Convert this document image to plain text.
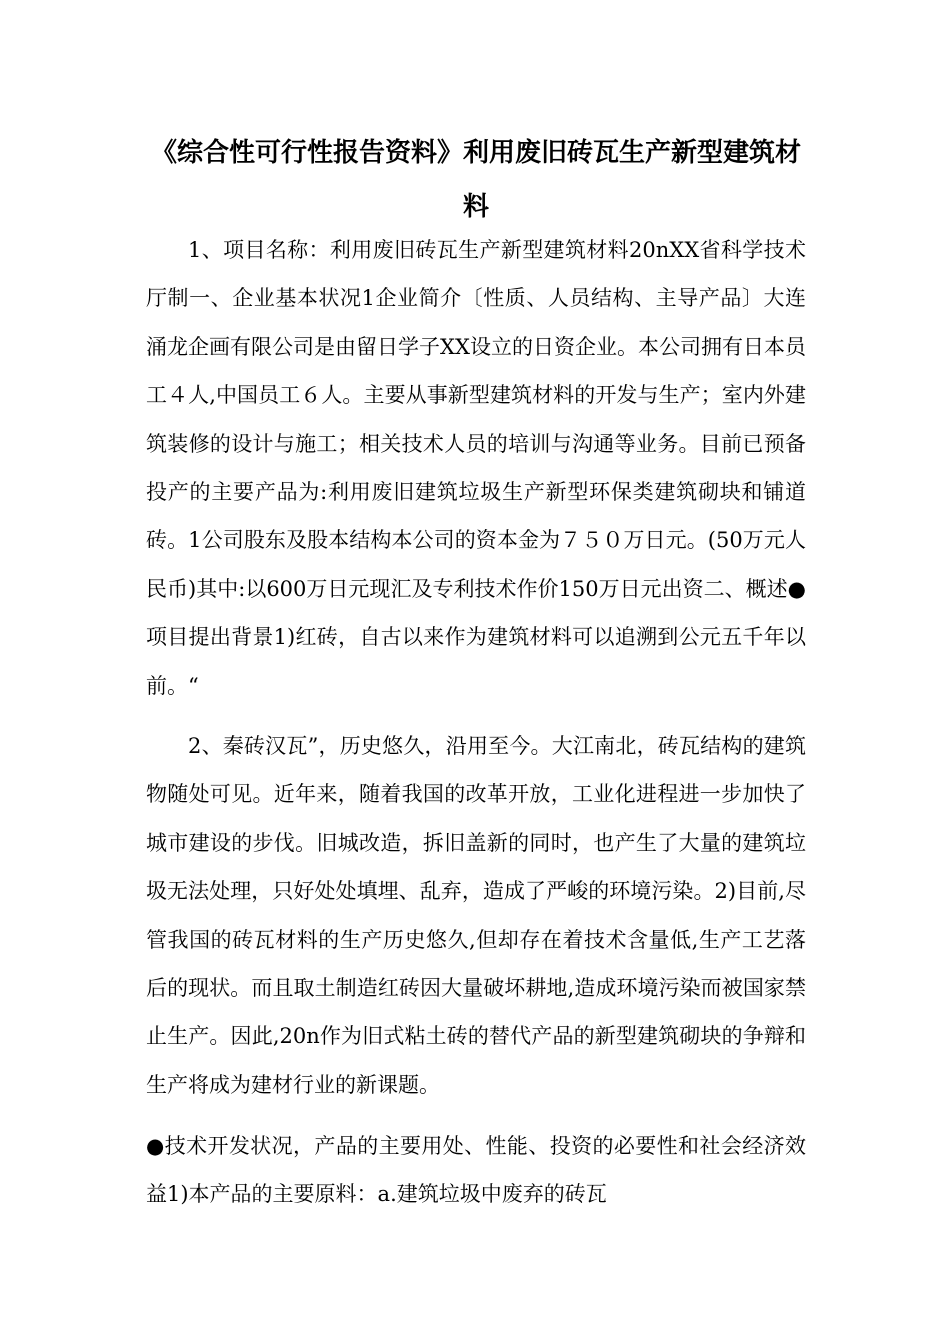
《综合性可行性报告资料》利用废旧砖瓦生产新型建筑材料

1、项目名称：利用废旧砖瓦生产新型建筑材料20nXX省科学技术厅制一、企业基本状况1企业简介〔性质、人员结构、主导产品〕大连涌龙企画有限公司是由留日学子XX设立的日资企业。本公司拥有日本员工４人,中国员工６人。主要从事新型建筑材料的开发与生产；室内外建筑装修的设计与施工；相关技术人员的培训与沟通等业务。目前已预备投产的主要产品为:利用废旧建筑垃圾生产新型环保类建筑砌块和铺道砖。1公司股东及股本结构本公司的资本金为７５０万日元。(50万元人民币)其中:以600万日元现汇及专利技术作价150万日元出资二、概述●项目提出背景1)红砖，自古以来作为建筑材料可以追溯到公元五千年以前。“

2、秦砖汉瓦”，历史悠久，沿用至今。大江南北，砖瓦结构的建筑物随处可见。近年来，随着我国的改革开放，工业化进程进一步加快了城市建设的步伐。旧城改造，拆旧盖新的同时，也产生了大量的建筑垃圾无法处理，只好处处填埋、乱弃，造成了严峻的环境污染。2)目前,尽管我国的砖瓦材料的生产历史悠久,但却存在着技术含量低,生产工艺落后的现状。而且取土制造红砖因大量破坏耕地,造成环境污染而被国家禁止生产。因此,20n作为旧式粘土砖的替代产品的新型建筑砌块的争辩和生产将成为建材行业的新课题。

●技术开发状况，产品的主要用处、性能、投资的必要性和社会经济效益1)本产品的主要原料：a.建筑垃圾中废弃的砖瓦
